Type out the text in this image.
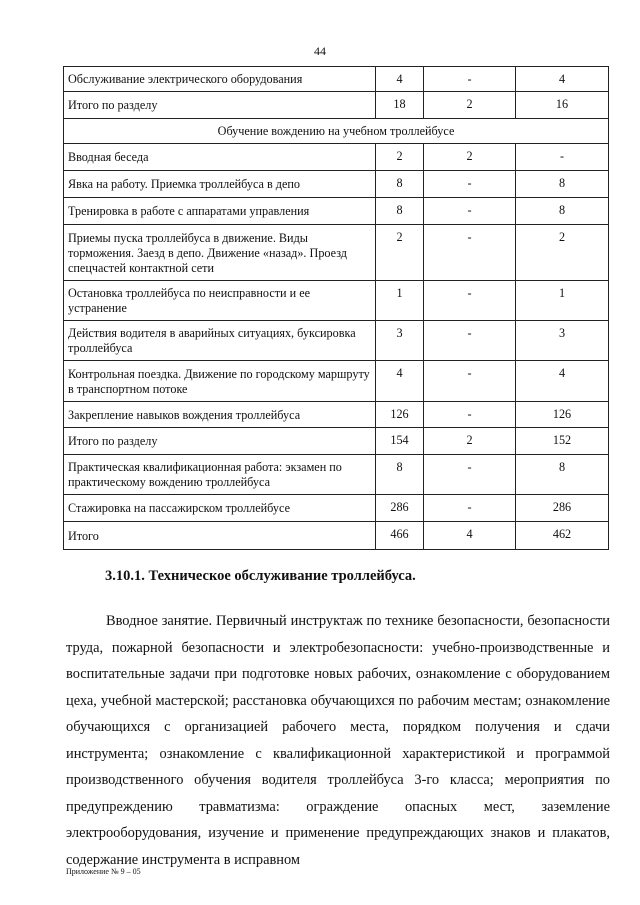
44
Обслуживание электрического оборудования	4	-	4
Итого по разделу	18	2	16
Обучение вождению на учебном троллейбусе			
Вводная беседа	2	2	-
Явка на работу. Приемка троллейбуса в депо	8	-	8
Тренировка в работе с аппаратами управления	8	-	8
Приемы пуска троллейбуса в движение. Виды торможения. Заезд в депо. Движение «назад». Проезд спецчастей контактной сети	2	-	2
Остановка троллейбуса по неисправности и ее устранение	1	-	1
Действия водителя в аварийных ситуациях, буксировка троллейбуса	3	-	3
Контрольная поездка. Движение по городскому маршруту в транспортном потоке	4	-	4
Закрепление навыков вождения троллейбуса	126	-	126
Итого по разделу	154	2	152
Практическая квалификационная работа: экзамен по практическому вождению троллейбуса	8	-	8
Стажировка на пассажирском троллейбусе	286	-	286
Итого	466	4	462
3.10.1. Техническое обслуживание троллейбуса.

Вводное занятие. Первичный инструктаж по технике безопасности, безопасности труда, пожарной безопасности и электробезопасности: учебно-производственные и воспитательные задачи при подготовке новых рабочих, ознакомление с оборудованием цеха, учебной мастерской; расстановка обучающихся по рабочим местам; ознакомление обучающихся с организацией рабочего места, порядком получения и сдачи инструмента; ознакомление с квалификационной характеристикой и программой производственного обучения водителя троллейбуса 3-го класса; мероприятия по предупреждению травматизма: ограждение опасных мест, заземление электрооборудования, изучение и применение предупреждающих знаков и плакатов, содержание инструмента в исправном

Приложение № 9 – 05
